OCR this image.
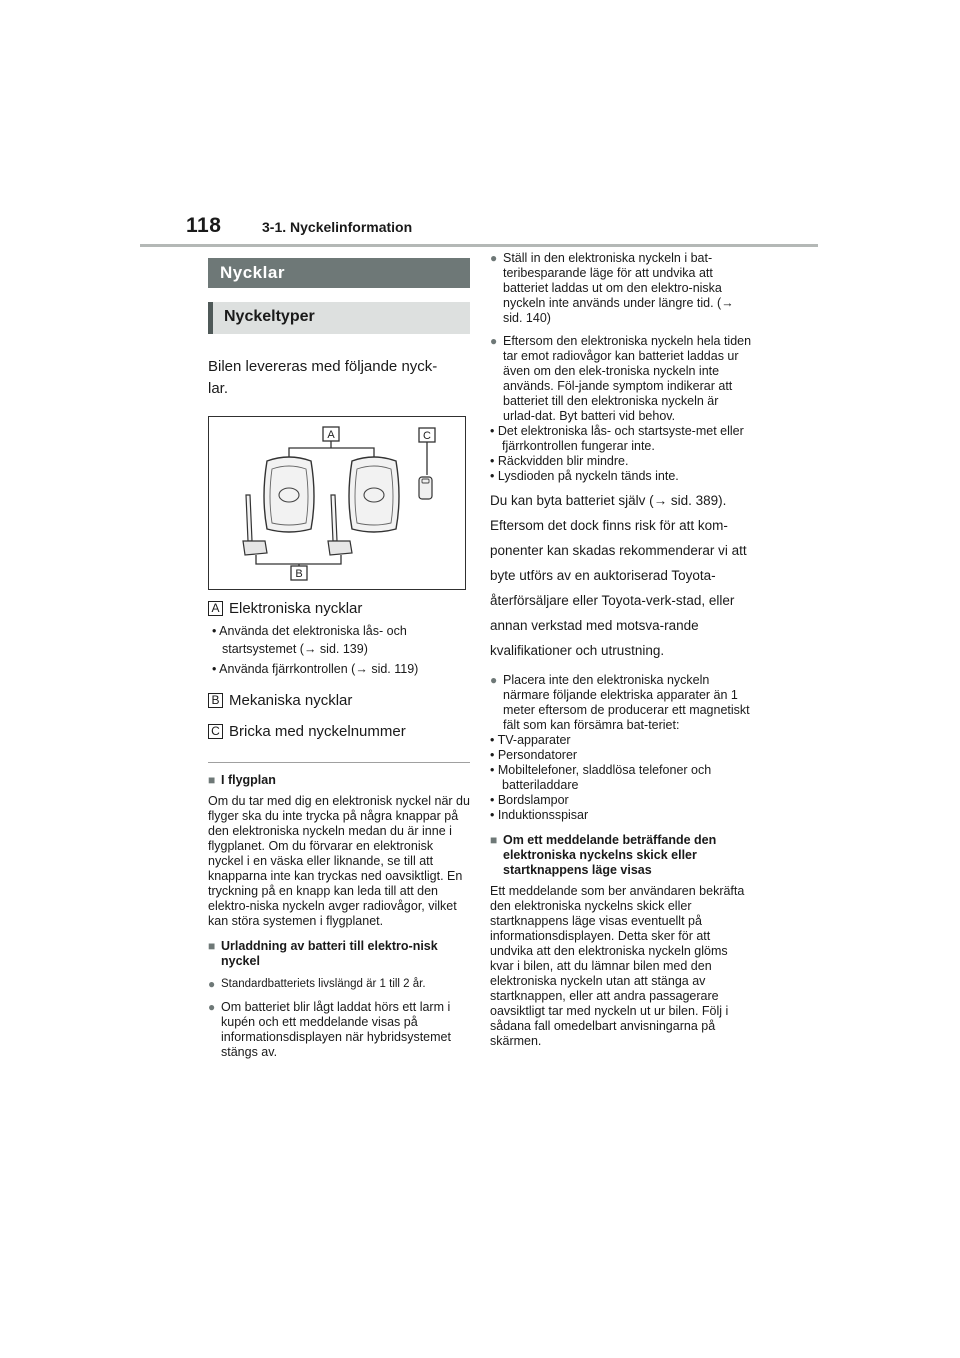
118	3-1. Nyckelinformation
Nycklar
Nyckeltyper
Bilen levereras med följande nyck-
lar.
A	C
B
A Elektroniska nycklar
• Använda det elektroniska lås- och startsystemet (→ sid. 139)
• Använda fjärrkontrollen (→ sid. 119)
B Mekaniska nycklar
C Bricka med nyckelnummer
■ I flygplan
Om du tar med dig en elektronisk nyckel när du flyger ska du inte trycka på några knappar på den elektroniska nyckeln medan du är inne i flygplanet. Om du förvarar en elektronisk nyckel i en väska eller liknande, se till att knapparna inte kan tryckas ned oavsiktligt. En tryckning på en knapp kan leda till att den elektro-niska nyckeln avger radiovågor, vilket kan störa systemen i flygplanet.
■ Urladdning av batteri till elektro-nisk nyckel
● Standardbatteriets livslängd är 1 till 2 år.
● Om batteriet blir lågt laddat hörs ett larm i kupén och ett meddelande visas på informationsdisplayen när hybridsystemet stängs av.
● Ställ in den elektroniska nyckeln i bat-teribesparande läge för att undvika att batteriet laddas ut om den elektro-niska nyckeln inte används under längre tid. (→ sid. 140)
● Eftersom den elektroniska nyckeln hela tiden tar emot radiovågor kan batteriet laddas ur även om den elek-troniska nyckeln inte används. Föl-jande symptom indikerar att batteriet till den elektroniska nyckeln är urlad-dat. Byt batteri vid behov.
• Det elektroniska lås- och startsyste-met eller fjärrkontrollen fungerar inte.
• Räckvidden blir mindre.
• Lysdioden på nyckeln tänds inte.
Du kan byta batteriet själv (→ sid. 389). Eftersom det dock finns risk för att kom-ponenter kan skadas rekommenderar vi att byte utförs av en auktoriserad Toyota-återförsäljare eller Toyota-verk-stad, eller annan verkstad med motsva-rande kvalifikationer och utrustning.
● Placera inte den elektroniska nyckeln närmare följande elektriska apparater än 1 meter eftersom de producerar ett magnetiskt fält som kan försämra bat-teriet:
• TV-apparater
• Persondatorer
• Mobiltelefoner, sladdlösa telefoner och batteriladdare
• Bordslampor
• Induktionsspisar
■ Om ett meddelande beträffande den elektroniska nyckelns skick eller startknappens läge visas
Ett meddelande som ber användaren bekräfta den elektroniska nyckelns skick eller startknappens läge visas eventuellt på informationsdisplayen. Detta sker för att undvika att den elektroniska nyckeln glöms kvar i bilen, att du lämnar bilen med den elektroniska nyckeln utan att stänga av startknappen, eller att andra passagerare oavsiktligt tar med nyckeln ut ur bilen. Följ i sådana fall omedelbart anvisningarna på skärmen.
